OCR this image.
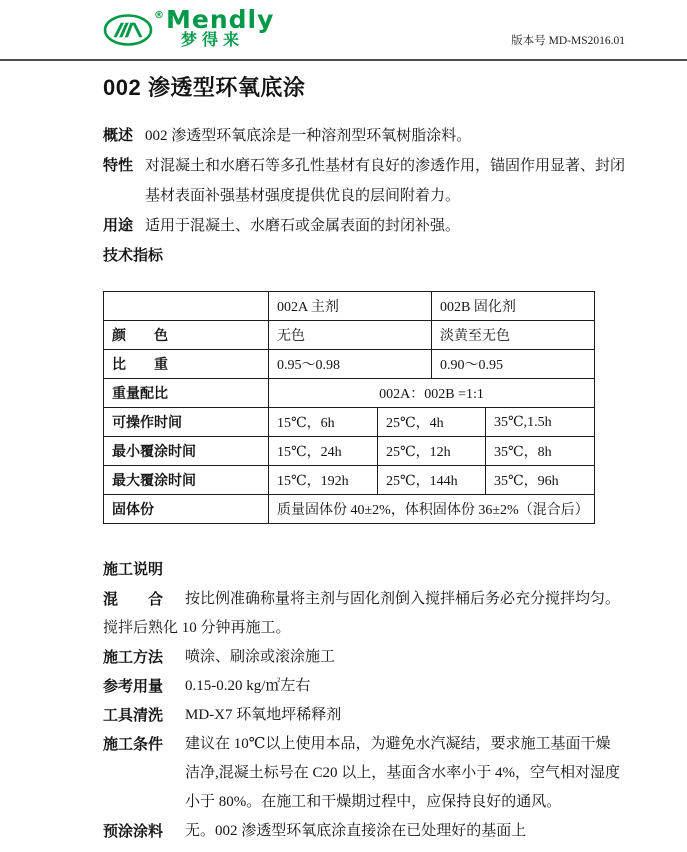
® Mendly
梦得来	版本号 MD-MS2016.01
002 渗透型环氧底涂
概述 002 渗透型环氧底涂是一种溶剂型环氧树脂涂料。
特性 对混凝土和水磨石等多孔性基材有良好的渗透作用，锚固作用显著、封闭
基材表面补强基材强度提供优良的层间附着力。
用途 适用于混凝土、水磨石或金属表面的封闭补强。
技术指标
	002A 主剂		002B 固化剂	
颜　　色	无色		淡黄至无色	
比　　重	0.95～0.98		0.90～0.95	
重量配比	002A：002B =1:1			
可操作时间	15℃，6h	25℃，4h		35℃,1.5h
最小覆涂时间	15℃，24h	25℃，12h		35℃，8h
最大覆涂时间	15℃，192h	25℃，144h		35℃，96h
固体份	质量固体份 40±2%，体积固体份 36±2%（混合后）			
施工说明
混　　合	按比例准确称量将主剂与固化剂倒入搅拌桶后务必充分搅拌均匀。
搅拌后熟化 10 分钟再施工。
施工方法	喷涂、刷涂或滚涂施工
参考用量	0.15-0.20 kg/㎡左右
工具清洗	MD-X7 环氧地坪稀释剂
施工条件	建议在 10℃以上使用本品，为避免水汽凝结，要求施工基面干燥
洁净,混凝土标号在 C20 以上，基面含水率小于 4%，空气相对湿度
小于 80%。在施工和干燥期过程中，应保持良好的通风。
预涂涂料	无。002 渗透型环氧底涂直接涂在已处理好的基面上
